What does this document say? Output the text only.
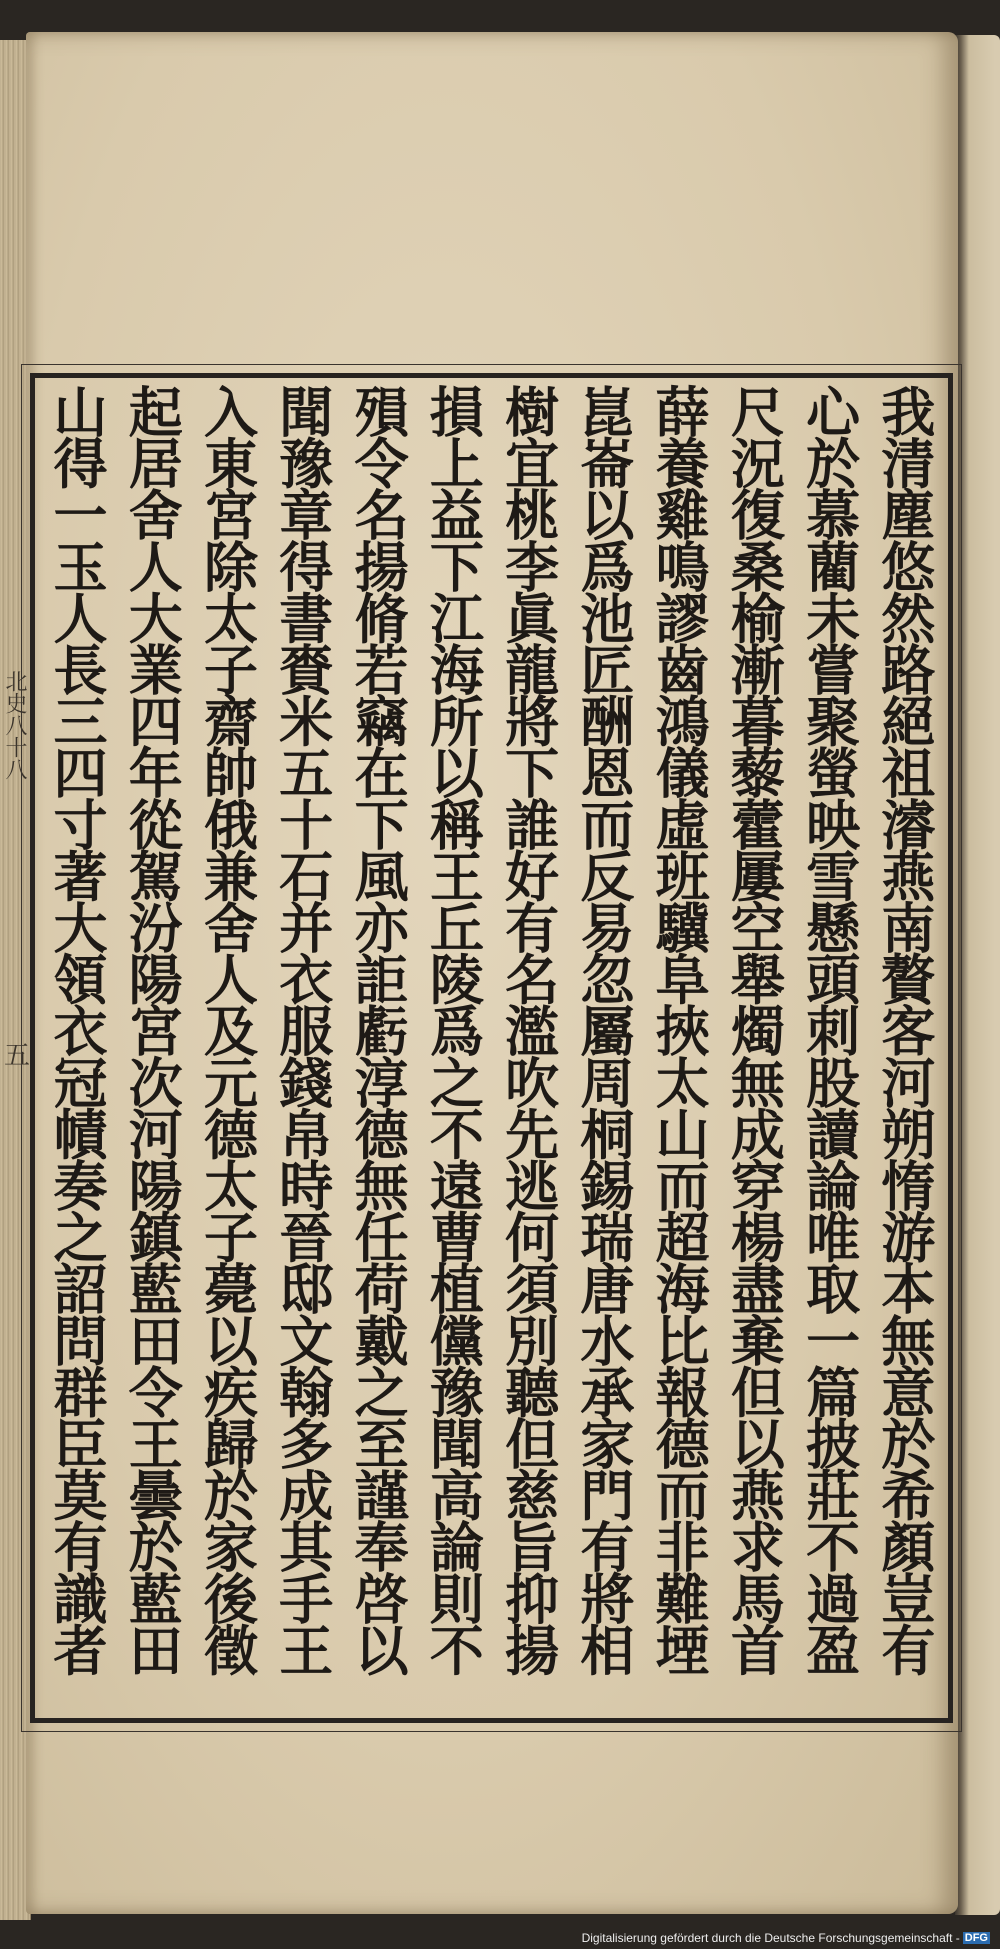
北史八十八
五	我清塵悠然路絕祖濬燕南贅客河朔惰游本無意於希顏豈有
心於慕藺未嘗聚螢映雪懸頭刺股讀論唯取一篇披莊不過盈
尺況復桑榆漸暮藜藿屢空舉燭無成穿楊盡棄但以燕求馬首
薛養雞鳴謬齒鴻儀虛班驥阜挾太山而超海比報德而非難堙
崑崙以爲池匠酬恩而反易忽屬周桐錫瑞唐水承家門有將相
樹宜桃李眞龍將下誰好有名濫吹先逃何須別聽但慈旨抑揚
損上益下江海所以稱王丘陵爲之不遠曹植儻豫聞高論則不
殞令名揚脩若竊在下風亦詎虧淳德無任荷戴之至謹奉啓以
聞豫章得書賚米五十石并衣服錢帛時晉邸文翰多成其手王
入東宮除太子齋帥俄兼舍人及元德太子薨以疾歸於家後徵
起居舍人大業四年從駕汾陽宮次河陽鎮藍田令王曇於藍田
山得一玉人長三四寸著大領衣冠幘奏之詔問群臣莫有識者
Digitalisierung gefördert durch die Deutsche Forschungsgemeinschaft - DFG
